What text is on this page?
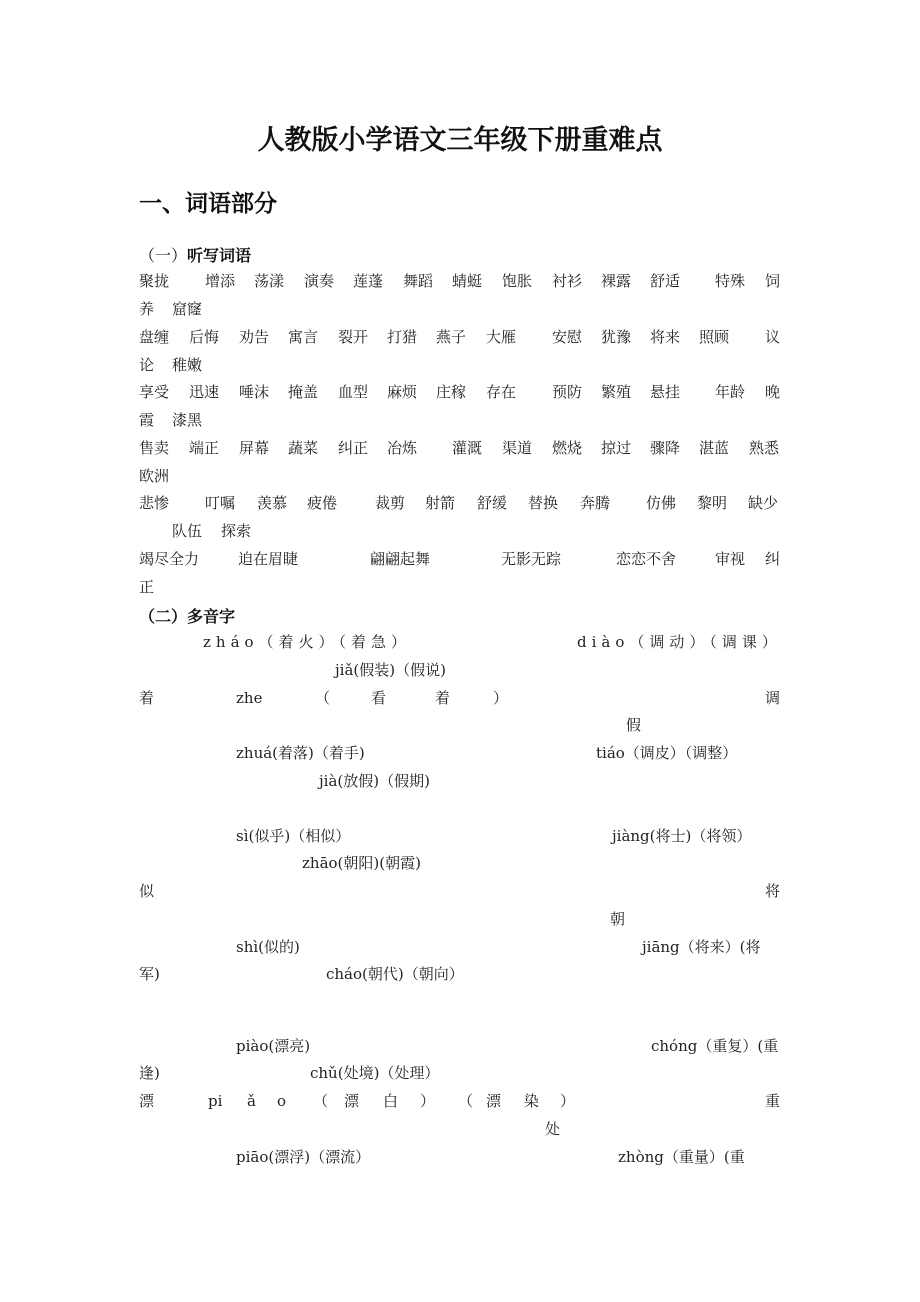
人教版小学语文三年级下册重难点
一、词语部分
（一）听写词语
聚拢 增添 荡漾 演奏 莲蓬 舞蹈 蜻蜓 饱胀 衬衫 裸露 舒适 特殊 饲
养 窟窿
盘缠 后悔 劝告 寓言 裂开 打猎 燕子 大雁 安慰 犹豫 将来 照顾 议
论 稚嫩
享受 迅速 唾沫 掩盖 血型 麻烦 庄稼 存在 预防 繁殖 悬挂 年龄 晚
霞 漆黑
售卖 端正 屏幕 蔬菜 纠正 冶炼 灌溉 渠道 燃烧 掠过 骤降 湛蓝 熟悉
欧洲
悲惨 叮嘱 羡慕 疲倦	裁剪 射箭 舒缓 替换 奔腾 仿佛 黎明 缺少
队伍 探索
竭尽全力	迫在眉睫	翩翩起舞	无影无踪	恋恋不舍	审视 纠
正
（二）多音字
zháo（着火）（着急）	diào（调动）（调课）
jiǎ(假装)（假说)
着	zhe	（	看	着	）	调
假
zhuá(着落)（着手)	tiáo（调皮）（调整）
jià(放假)（假期)
sì(似乎)（相似）	jiàng(将士)（将领）
zhāo(朝阳)(朝霞)
似	将
朝
shì(似的)	jiāng（将来）(将
军)	cháo(朝代)（朝向）
piào(漂亮)	chóng（重复）(重
逢)	chǔ(处境)（处理）
漂	pi ǎ o （ 漂 白 ） （ 漂 染 ）	重
处
piāo(漂浮)（漂流）	zhòng（重量）(重
